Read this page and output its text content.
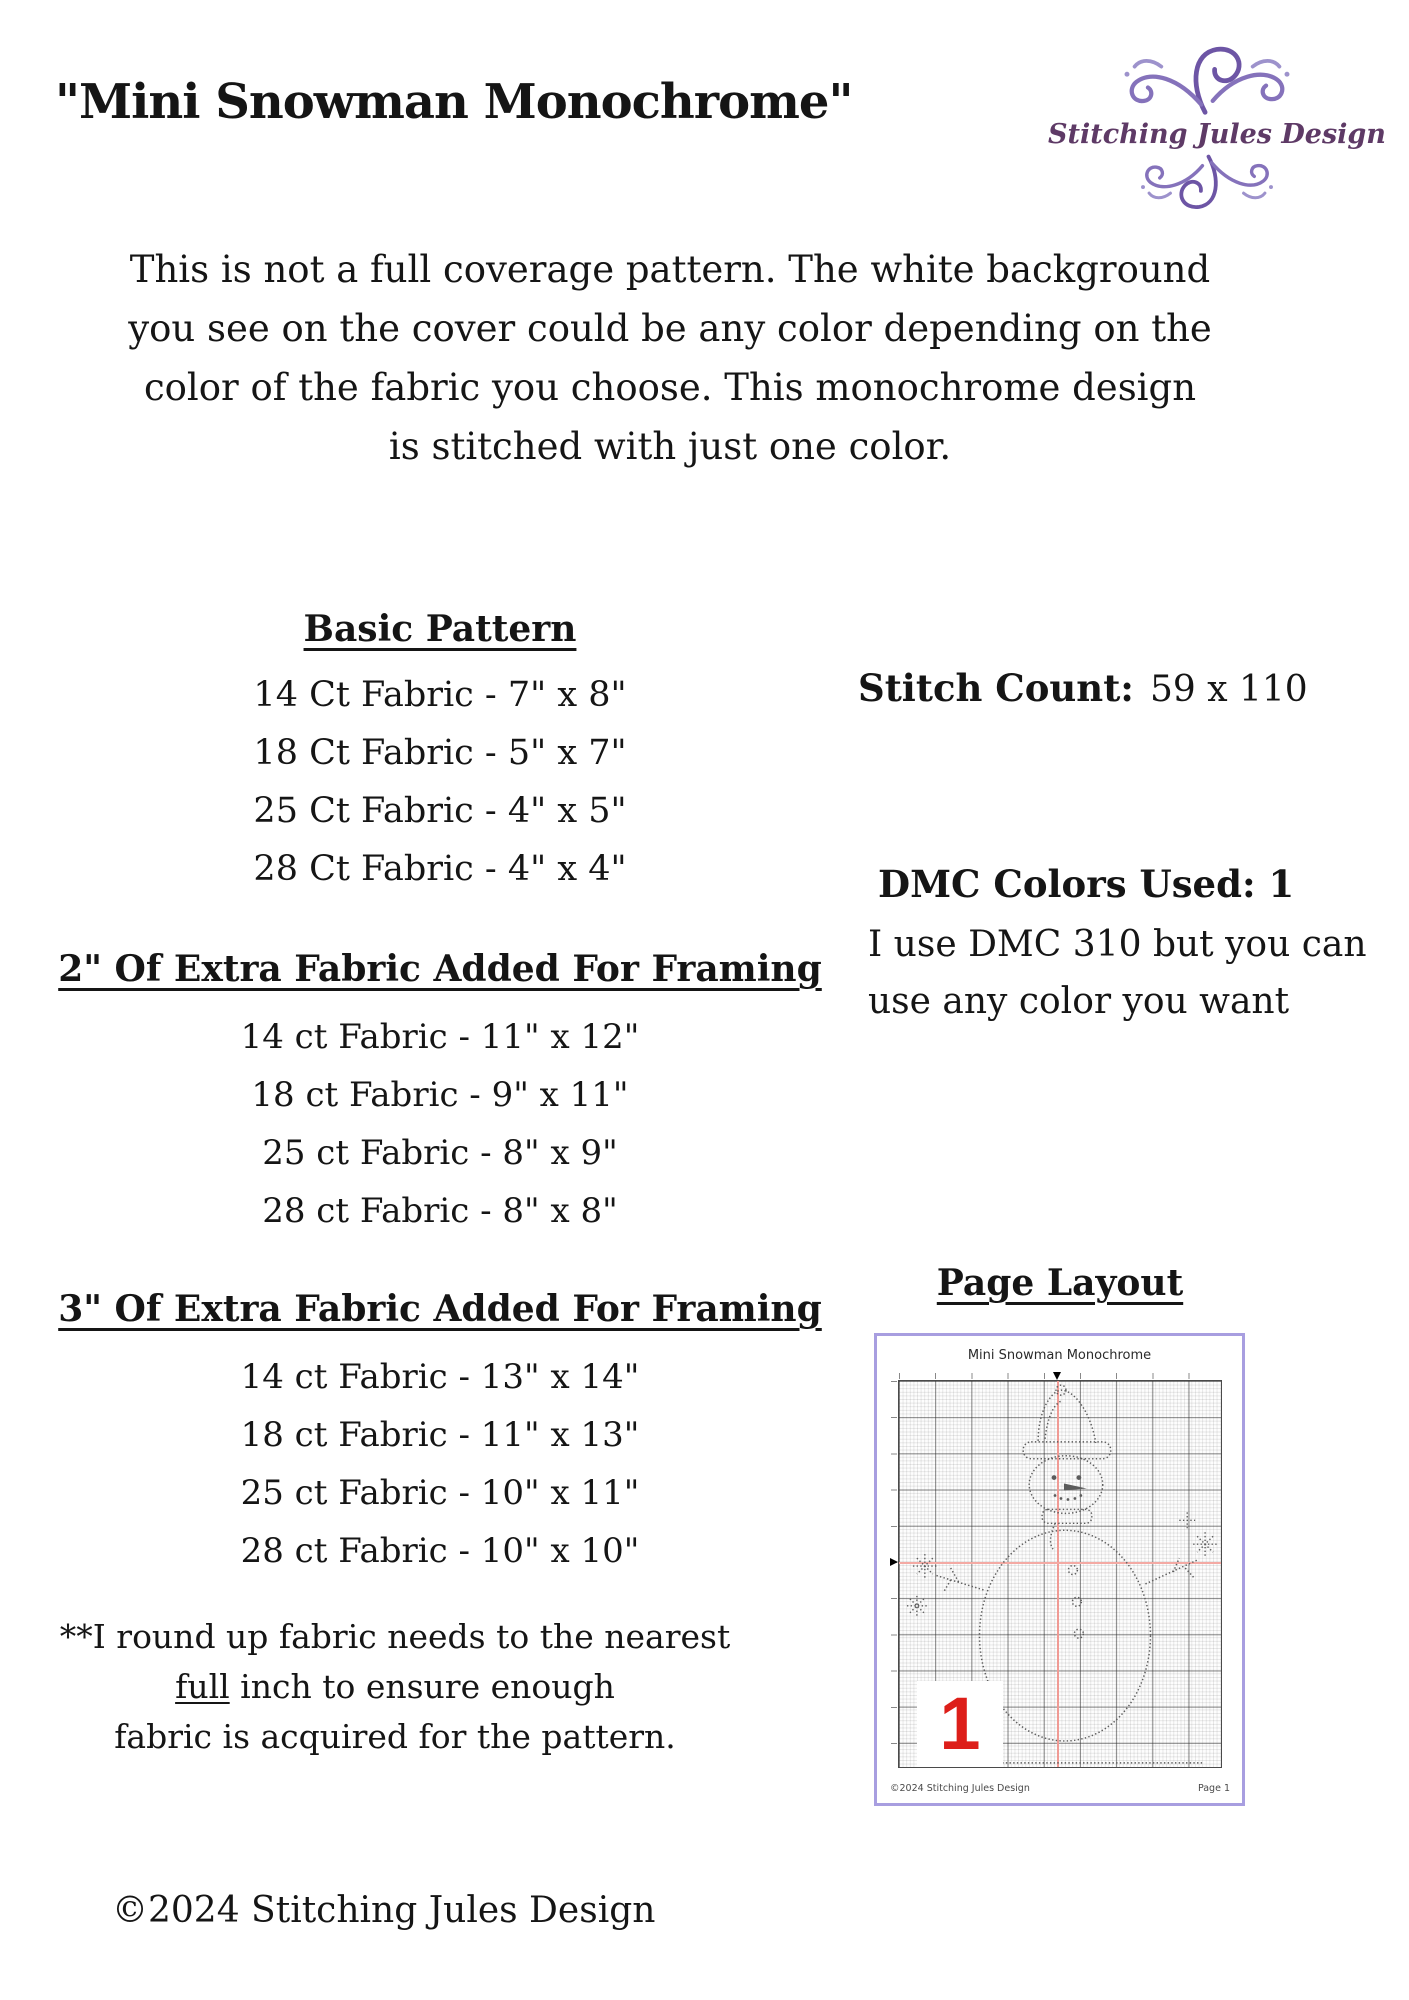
"Mini Snowman Monochrome"
Stitching Jules Design
This is not a full coverage pattern. The white background
you see on the cover could be any color depending on the
color of the fabric you choose. This monochrome design
is stitched with just one color.
Basic Pattern
14 Ct Fabric - 7" x 8"
18 Ct Fabric - 5" x 7"
25 Ct Fabric - 4" x 5"
28 Ct Fabric - 4" x 4"
Stitch Count: 59 x 110
DMC Colors Used: 1
I use DMC 310 but you can
use any color you want
2" Of Extra Fabric Added For Framing
14 ct Fabric - 11" x 12"
18 ct Fabric - 9" x 11"
25 ct Fabric - 8" x 9"
28 ct Fabric - 8" x 8"
3" Of Extra Fabric Added For Framing
14 ct Fabric - 13" x 14"
18 ct Fabric - 11" x 13"
25 ct Fabric - 10" x 11"
28 ct Fabric - 10" x 10"
**I round up fabric needs to the nearest
full inch to ensure enough
fabric is acquired for the pattern.
Page Layout
Mini Snowman Monochrome
1
©2024 Stitching Jules Design	Page 1
©2024 Stitching Jules Design
